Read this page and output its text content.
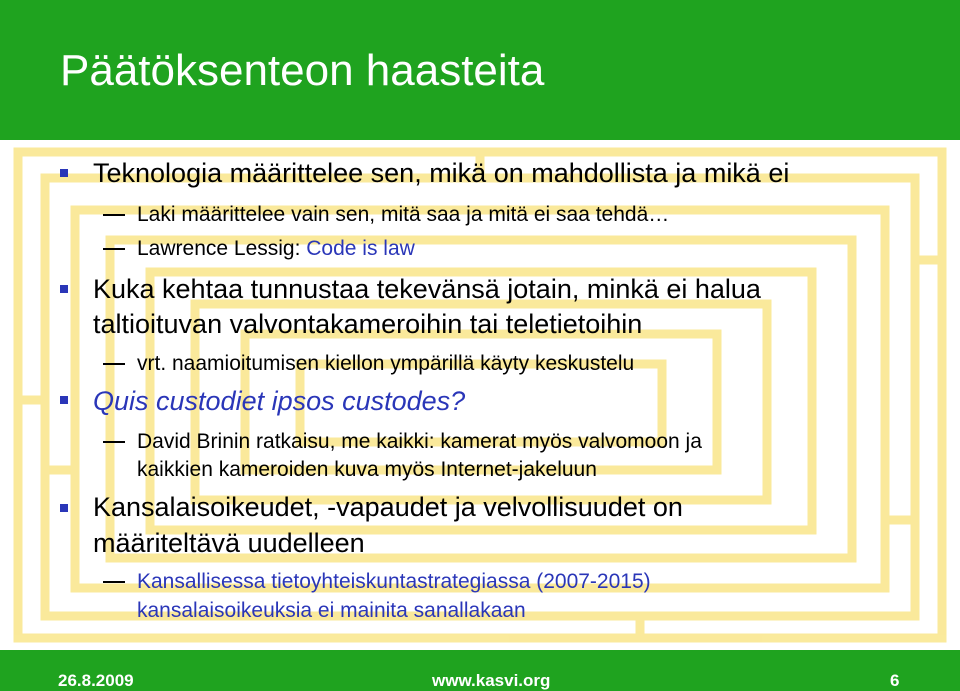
Päätöksenteon haasteita
Teknologia määrittelee sen, mikä on mahdollista ja mikä ei
Laki määrittelee vain sen, mitä saa ja mitä ei saa tehdä…
Lawrence Lessig: Code is law
Kuka kehtaa tunnustaa tekevänsä jotain, minkä ei halua
taltioituvan valvontakameroihin tai teletietoihin
vrt. naamioitumisen kiellon ympärillä käyty keskustelu
Quis custodiet ipsos custodes?
David Brinin ratkaisu, me kaikki: kamerat myös valvomoon ja
kaikkien kameroiden kuva myös Internet-jakeluun
Kansalaisoikeudet, -vapaudet ja velvollisuudet on
määriteltävä uudelleen
Kansallisessa tietoyhteiskuntastrategiassa (2007-2015)
kansalaisoikeuksia ei mainita sanallakaan
26.8.2009	www.kasvi.org	6
